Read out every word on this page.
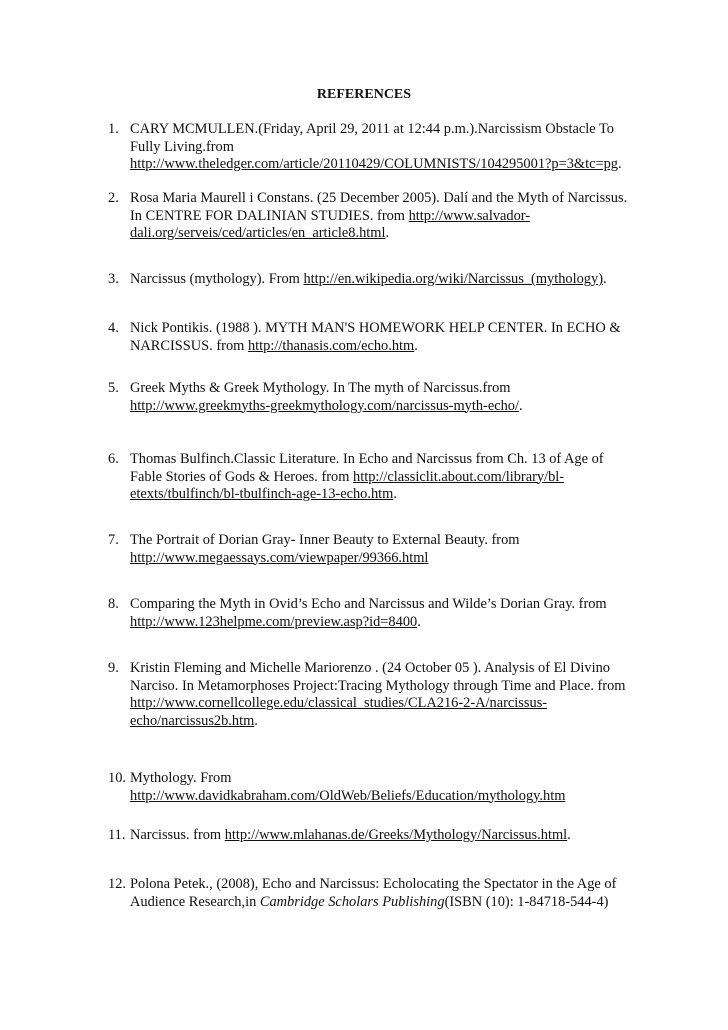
REFERENCES
1. CARY MCMULLEN.(Friday, April 29, 2011 at 12:44 p.m.).Narcissism Obstacle To
Fully Living.from
http://www.theledger.com/article/20110429/COLUMNISTS/104295001?p=3&tc=pg.
2. Rosa Maria Maurell i Constans. (25 December 2005). Dalí and the Myth of Narcissus.
In CENTRE FOR DALINIAN STUDIES. from http://www.salvador-
dali.org/serveis/ced/articles/en_article8.html.
3. Narcissus (mythology). From http://en.wikipedia.org/wiki/Narcissus_(mythology).
4. Nick Pontikis. (1988 ). MYTH MAN'S HOMEWORK HELP CENTER. In ECHO &
NARCISSUS. from http://thanasis.com/echo.htm.
5. Greek Myths & Greek Mythology. In The myth of Narcissus.from
http://www.greekmyths-greekmythology.com/narcissus-myth-echo/.
6. Thomas Bulfinch.Classic Literature. In Echo and Narcissus from Ch. 13 of Age of
Fable Stories of Gods & Heroes. from http://classiclit.about.com/library/bl-
etexts/tbulfinch/bl-tbulfinch-age-13-echo.htm.
7. The Portrait of Dorian Gray- Inner Beauty to External Beauty. from
http://www.megaessays.com/viewpaper/99366.html
8. Comparing the Myth in Ovid’s Echo and Narcissus and Wilde’s Dorian Gray. from
http://www.123helpme.com/preview.asp?id=8400.
9. Kristin Fleming and Michelle Mariorenzo . (24 October 05 ). Analysis of El Divino
Narciso. In Metamorphoses Project:Tracing Mythology through Time and Place. from
http://www.cornellcollege.edu/classical_studies/CLA216-2-A/narcissus-
echo/narcissus2b.htm.
10. Mythology. From
http://www.davidkabraham.com/OldWeb/Beliefs/Education/mythology.htm
11. Narcissus. from http://www.mlahanas.de/Greeks/Mythology/Narcissus.html.
12. Polona Petek., (2008), Echo and Narcissus: Echolocating the Spectator in the Age of
Audience Research,in Cambridge Scholars Publishing(ISBN (10): 1-84718-544-4)
